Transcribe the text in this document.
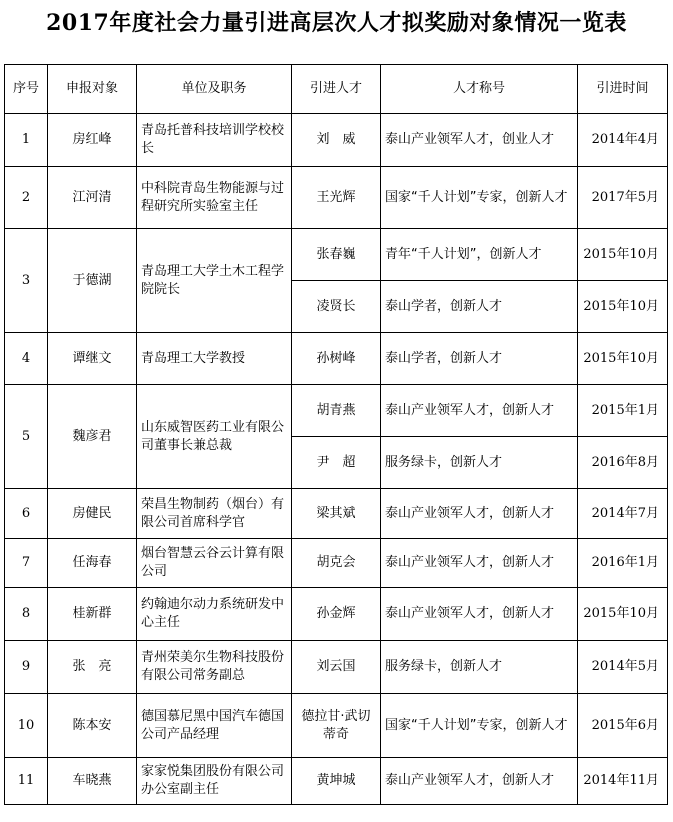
2017年度社会力量引进高层次人才拟奖励对象情况一览表
序号	申报对象	单位及职务	引进人才	人才称号	引进时间
1	房红峰	青岛托普科技培训学校校长	刘　威	泰山产业领军人才，创业人才	2014年4月
2	江河清	中科院青岛生物能源与过程研究所实验室主任	王光辉	国家“千人计划”专家，创新人才	2017年5月
3	于德湖	青岛理工大学土木工程学院院长	张春巍	青年“千人计划”，创新人才	2015年10月
			凌贤长	泰山学者，创新人才	2015年10月
4	谭继文	青岛理工大学教授	孙树峰	泰山学者，创新人才	2015年10月
5	魏彦君	山东威智医药工业有限公司董事长兼总裁	胡青燕	泰山产业领军人才，创新人才	2015年1月
			尹　超	服务绿卡，创新人才	2016年8月
6	房健民	荣昌生物制药（烟台）有限公司首席科学官	梁其斌	泰山产业领军人才，创新人才	2014年7月
7	任海春	烟台智慧云谷云计算有限公司	胡克会	泰山产业领军人才，创新人才	2016年1月
8	桂新群	约翰迪尔动力系统研发中心主任	孙金辉	泰山产业领军人才，创新人才	2015年10月
9	张　亮	青州荣美尔生物科技股份有限公司常务副总	刘云国	服务绿卡，创新人才	2014年5月
10	陈本安	德国慕尼黑中国汽车德国公司产品经理	德拉甘·武切蒂奇	国家“千人计划”专家，创新人才	2015年6月
11	车晓燕	家家悦集团股份有限公司办公室副主任	黄坤城	泰山产业领军人才，创新人才	2014年11月
